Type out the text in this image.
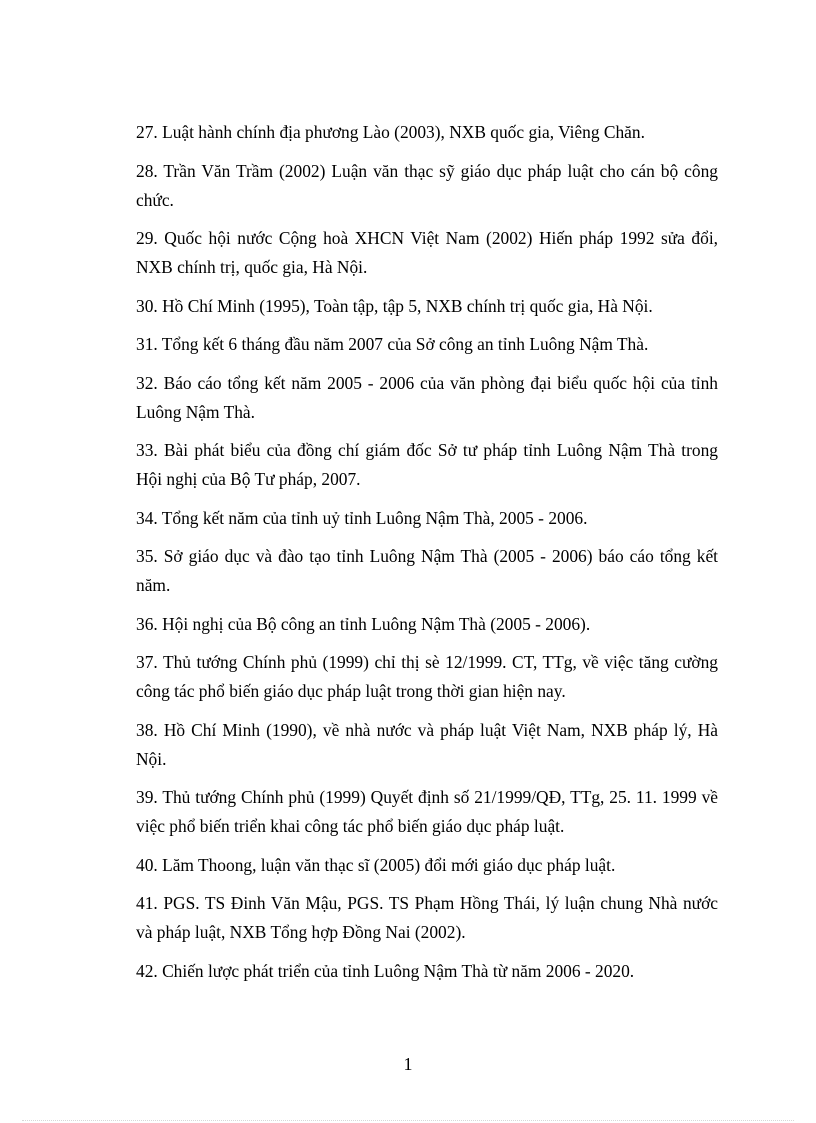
27. Luật hành chính địa phương Lào (2003), NXB quốc gia, Viêng Chăn.
28. Trần Văn Trầm (2002) Luận văn thạc sỹ giáo dục pháp luật cho cán bộ công chức.
29. Quốc hội nước Cộng hoà XHCN Việt Nam (2002) Hiến pháp 1992 sửa đổi, NXB chính trị, quốc gia, Hà Nội.
30. Hồ Chí Minh (1995), Toàn tập, tập 5, NXB chính trị quốc gia, Hà Nội.
31. Tổng kết 6 tháng đầu năm 2007 của Sở công an tỉnh Luông Nậm Thà.
32. Báo cáo tổng kết năm 2005 - 2006 của văn phòng đại biểu quốc hội của tỉnh Luông Nậm Thà.
33. Bài phát biểu của đồng chí giám đốc Sở tư pháp tỉnh Luông Nậm Thà trong Hội nghị của Bộ Tư pháp, 2007.
34. Tổng kết năm của tỉnh uỷ tỉnh Luông Nậm Thà, 2005 - 2006.
35. Sở giáo dục và đào tạo tỉnh Luông Nậm Thà (2005 - 2006) báo cáo tổng kết năm.
36. Hội nghị của Bộ công an tỉnh Luông Nậm Thà (2005 - 2006).
37. Thủ tướng Chính phủ (1999) chỉ thị sè 12/1999. CT, TTg, về việc tăng cường công tác phổ biến giáo dục pháp luật trong thời gian hiện nay.
38. Hồ Chí Minh (1990), về nhà nước và pháp luật Việt Nam, NXB pháp lý, Hà Nội.
39. Thủ tướng Chính phủ (1999) Quyết định số 21/1999/QĐ, TTg, 25. 11. 1999 về việc phổ biến triển khai công tác phổ biến giáo dục pháp luật.
40. Lăm Thoong, luận văn thạc sĩ (2005) đổi mới giáo dục pháp luật.
41. PGS. TS Đinh Văn Mậu, PGS. TS Phạm Hồng Thái, lý luận chung Nhà nước và pháp luật, NXB Tổng hợp Đồng Nai (2002).
42. Chiến lược phát triển của tỉnh Luông Nậm Thà từ năm 2006 - 2020.
1
